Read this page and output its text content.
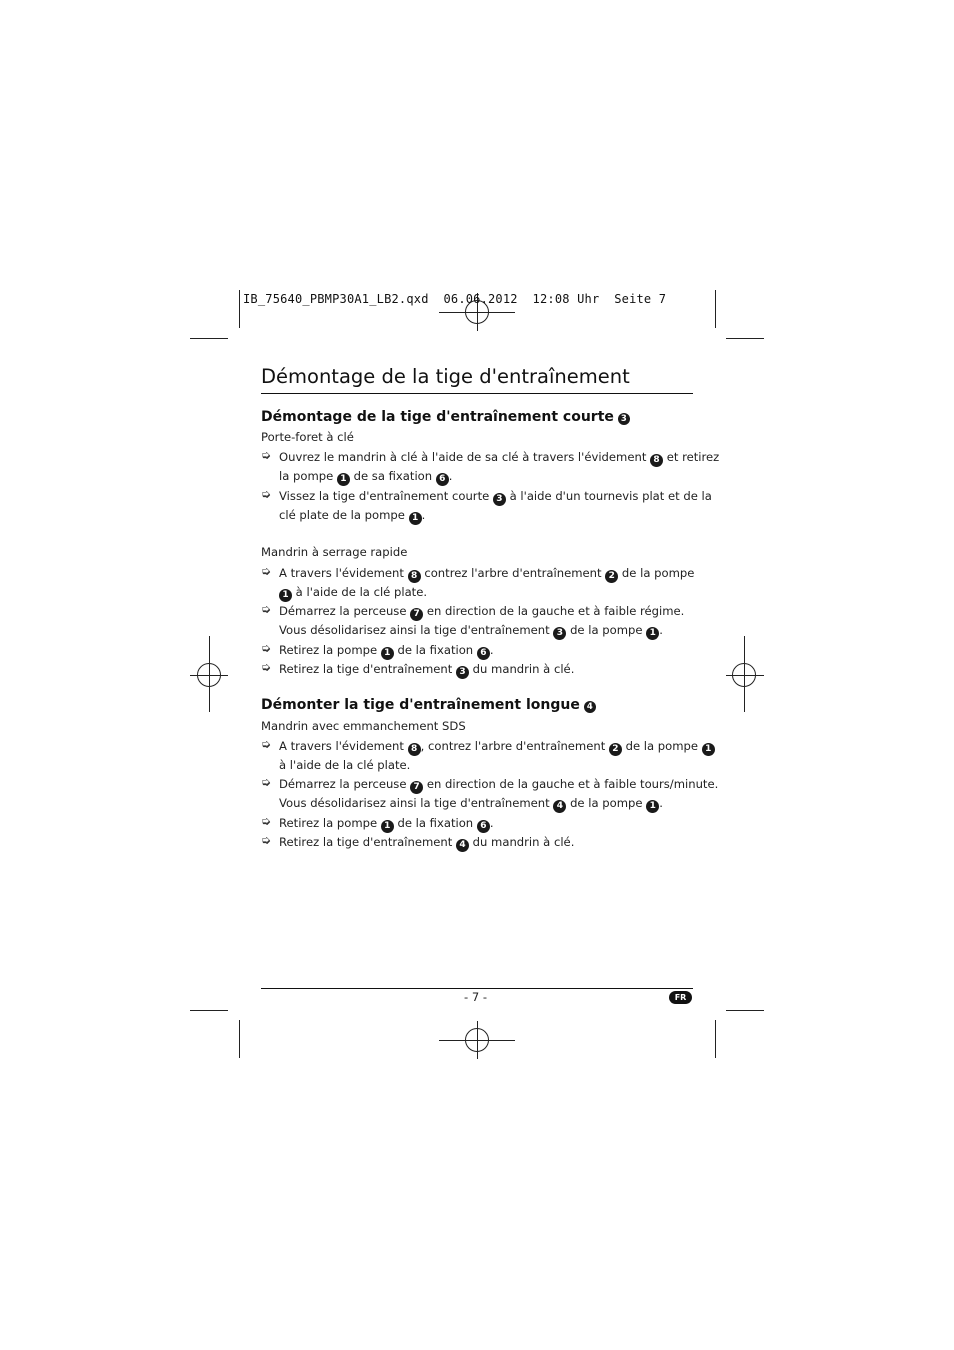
IB_75640_PBMP30A1_LB2.qxd  06.06.2012  12:08 Uhr  Seite 7
Démontage de la tige d'entraînement
Démontage de la tige d'entraînement courte 3
Porte-foret à clé
➭ Ouvrez le mandrin à clé à l'aide de sa clé à travers l'évidement 8 et retirez
la pompe 1 de sa fixation 6 .
➭ Vissez la tige d'entraînement courte 3 à l'aide d'un tournevis plat et de la
clé plate de la pompe 1 .
Mandrin à serrage rapide
➭ A travers l'évidement 8 contrez l'arbre d'entraînement 2 de la pompe
1 à l'aide de la clé plate.
➭ Démarrez la perceuse 7 en direction de la gauche et à faible régime.
Vous désolidarisez ainsi la tige d'entraînement 3 de la pompe 1 .
➭ Retirez la pompe 1 de la fixation 6 .
➭ Retirez la tige d'entraînement 3 du mandrin à clé.
Démonter la tige d'entraînement longue 4
Mandrin avec emmanchement SDS
➭ A travers l'évidement 8 , contrez l'arbre d'entraînement 2 de la pompe 1
à l'aide de la clé plate.
➭ Démarrez la perceuse 7 en direction de la gauche et à faible tours/minute.
Vous désolidarisez ainsi la tige d'entraînement 4 de la pompe 1 .
➭ Retirez la pompe 1 de la fixation 6 .
➭ Retirez la tige d'entraînement 4 du mandrin à clé.
- 7 -	FR
